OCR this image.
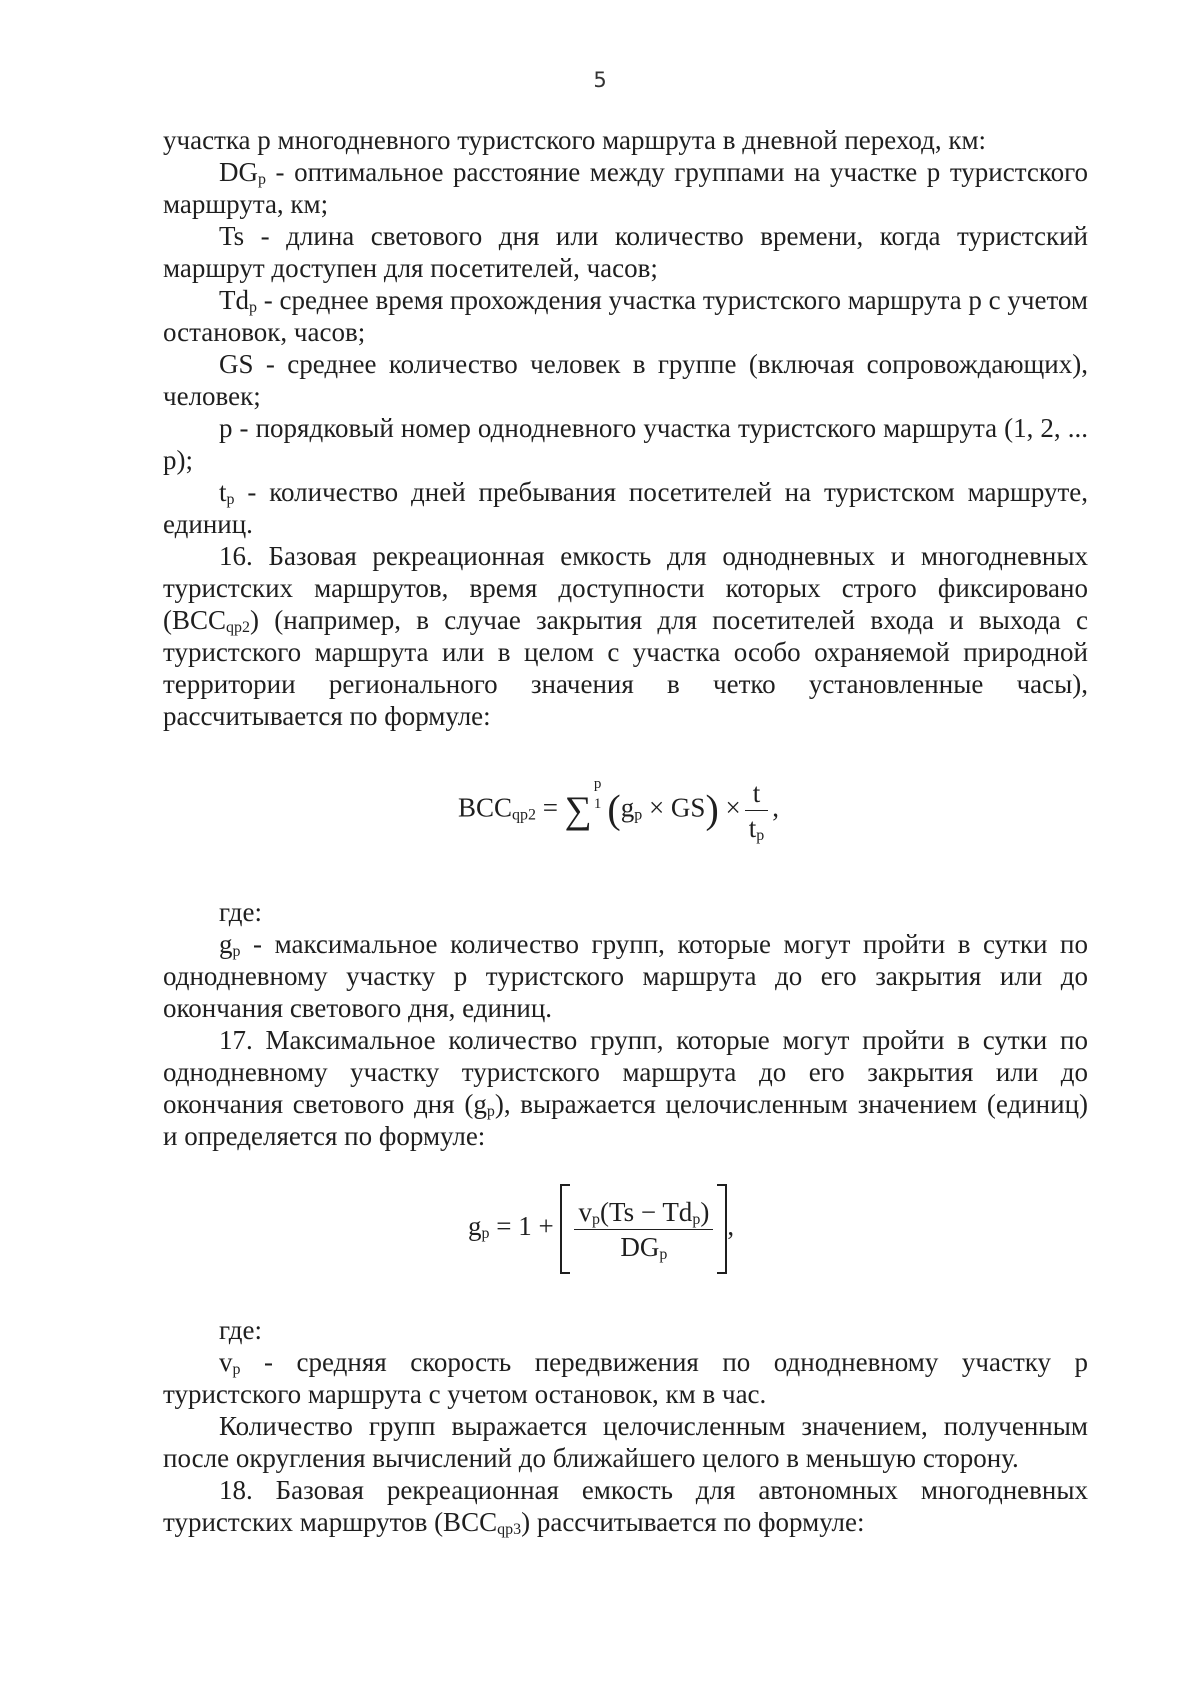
5

участка р многодневного туристского маршрута в дневной переход, км:

$DG_p$ - оптимальное расстояние между группами на участке р туристского маршрута, км;

Ts - длина светового дня или количество времени, когда туристский маршрут доступен для посетителей, часов;

$Td_p$ - среднее время прохождения участка туристского маршрута р с учетом остановок, часов;

GS - среднее количество человек в группе (включая сопровождающих), человек;

р - порядковый номер однодневного участка туристского маршрута (1, 2, ... р);

$t_р$ - количество дней пребывания посетителей на туристском маршруте, единиц.

16. Базовая рекреационная емкость для однодневных и многодневных туристских маршрутов, время доступности которых строго фиксировано $(ВСС_{qp2})$ (например, в случае закрытия для посетителей входа и выхода с туристского маршрута или в целом с участка особо охраняемой природной территории регионального значения в четко установленные часы), рассчитывается по формуле:

$BCC_{qp2}$ = ∑
p
1 $(g_p \times GS) \times \frac{t}{t_p}$ ,

где:

$g_р$ - максимальное количество групп, которые могут пройти в сутки по однодневному участку р туристского маршрута до его закрытия или до окончания светового дня, единиц.

17. Максимальное количество групп, которые могут пройти в сутки по однодневному участку туристского маршрута до его закрытия или до окончания светового дня $(g_р)$, выражается целочисленным значением (единиц) и определяется по формуле:

$g_p = 1 + \frac{v_p(Ts - Td_p)}{DG_p}$ ,

где:

$v_р$ - средняя скорость передвижения по однодневному участку р туристского маршрута с учетом остановок, км в час.

Количество групп выражается целочисленным значением, полученным после округления вычислений до ближайшего целого в меньшую сторону.

18. Базовая рекреационная емкость для автономных многодневных туристских маршрутов $(ВСС_{qp3})$ рассчитывается по формуле:
